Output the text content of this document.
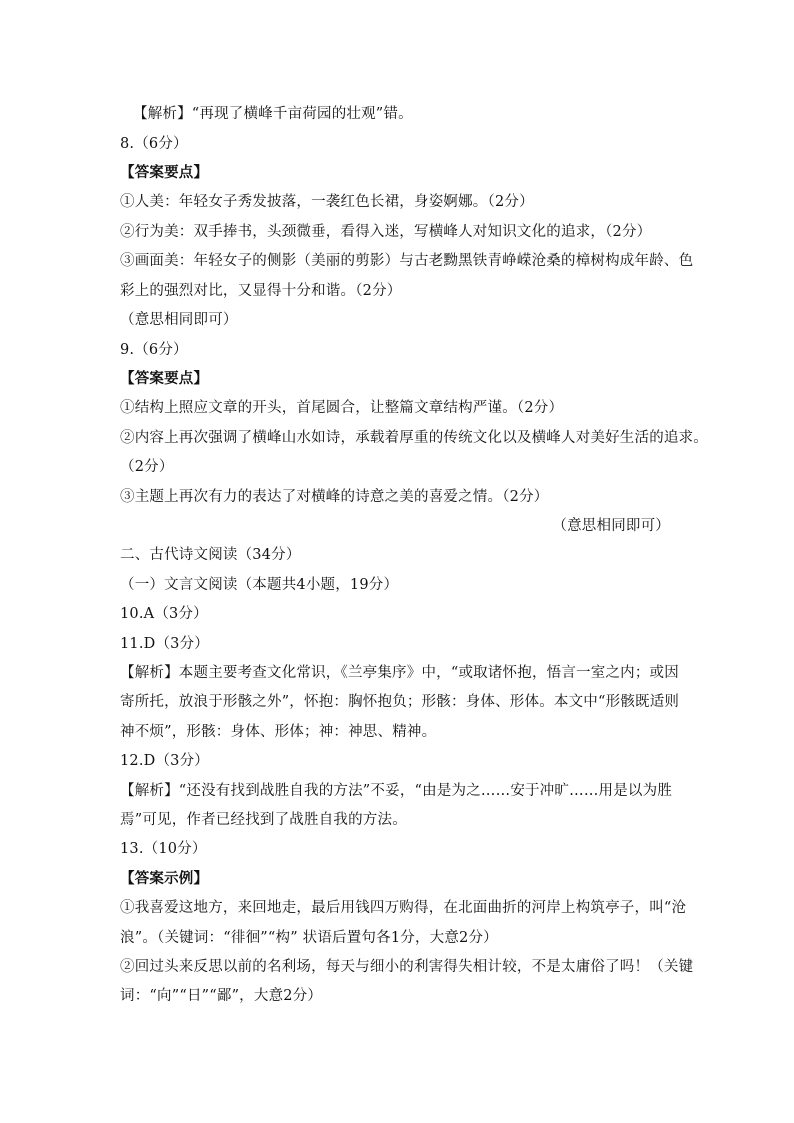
【解析】“再现了横峰千亩荷园的壮观”错。
8.（6分）
【答案要点】
①人美：年轻女子秀发披落，一袭红色长裙，身姿婀娜。（2分）
②行为美：双手捧书，头颈微垂，看得入迷，写横峰人对知识文化的追求，（2分）
③画面美：年轻女子的侧影（美丽的剪影）与古老黝黑铁青峥嵘沧桑的樟树构成年龄、色
彩上的强烈对比，又显得十分和谐。（2分）
（意思相同即可）
9.（6分）
【答案要点】
①结构上照应文章的开头，首尾圆合，让整篇文章结构严谨。（2分）
②内容上再次强调了横峰山水如诗，承载着厚重的传统文化以及横峰人对美好生活的追求。
（2分）
③主题上再次有力的表达了对横峰的诗意之美的喜爱之情。（2分）
（意思相同即可）
二、古代诗文阅读（34分）
（一）文言文阅读（本题共4小题，19分）
10.A（3分）
11.D（3分）
【解析】本题主要考查文化常识，《兰亭集序》中，“或取诸怀抱，悟言一室之内；或因
寄所托，放浪于形骸之外”，怀抱：胸怀抱负；形骸：身体、形体。本文中“形骸既适则
神不烦”，形骸：身体、形体；神：神思、精神。
12.D（3分）
【解析】“还没有找到战胜自我的方法”不妥，“由是为之……安于冲旷……用是以为胜
焉”可见，作者已经找到了战胜自我的方法。
13.（10分）
【答案示例】
①我喜爱这地方，来回地走，最后用钱四万购得，在北面曲折的河岸上构筑亭子，叫“沧
浪”。（关键词：“徘徊”“构” 状语后置句各1分，大意2分）
②回过头来反思以前的名利场，每天与细小的利害得失相计较，不是太庸俗了吗！（关键
词：“向”“日”“鄙”，大意2分）
